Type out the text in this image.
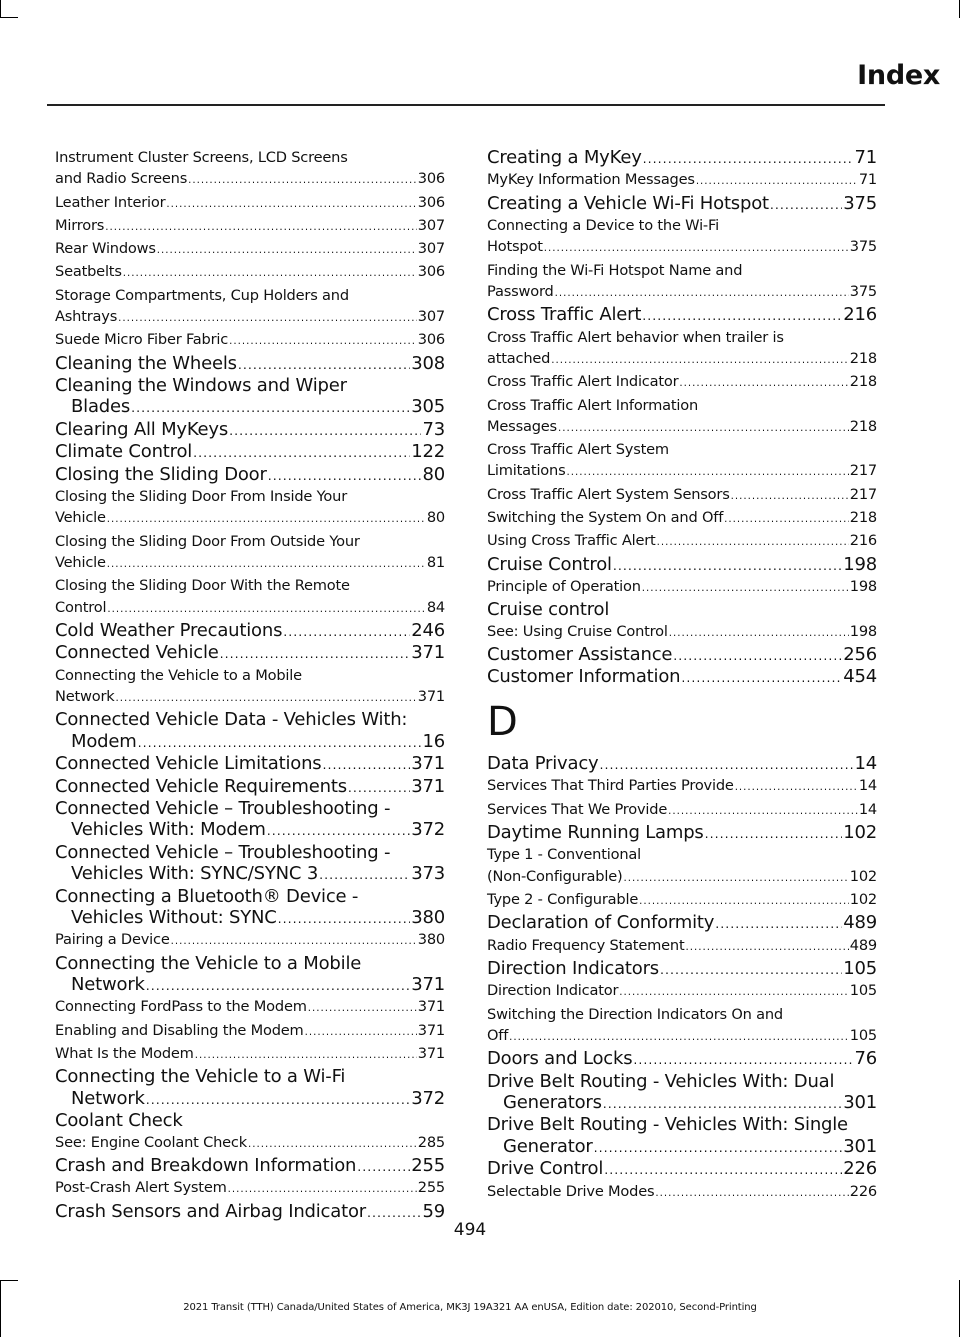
Index
Instrument Cluster Screens, LCD Screens
and Radio Screens .....	306
Leather Interior .....	306
Mirrors .....	307
Rear Windows .....	307
Seatbelts .....	306
Storage Compartments, Cup Holders and
Ashtrays .....	307
Suede Micro Fiber Fabric .....	306
Cleaning the Wheels .....	308
Cleaning the Windows and Wiper
Blades .....	305
Clearing All MyKeys .....	73
Climate Control .....	122
Closing the Sliding Door .....	80
Closing the Sliding Door From Inside Your
Vehicle .....	80
Closing the Sliding Door From Outside Your
Vehicle .....	81
Closing the Sliding Door With the Remote
Control .....	84
Cold Weather Precautions .....	246
Connected Vehicle .....	371
Connecting the Vehicle to a Mobile
Network .....	371
Connected Vehicle Data - Vehicles With:
Modem .....	16
Connected Vehicle Limitations .....	371
Connected Vehicle Requirements .....	371
Connected Vehicle – Troubleshooting -
Vehicles With: Modem .....	372
Connected Vehicle – Troubleshooting -
Vehicles With: SYNC/SYNC 3 .....	373
Connecting a Bluetooth® Device -
Vehicles Without: SYNC .....	380
Pairing a Device .....	380
Connecting the Vehicle to a Mobile
Network .....	371
Connecting FordPass to the Modem .....	371
Enabling and Disabling the Modem .....	371
What Is the Modem .....	371
Connecting the Vehicle to a Wi-Fi
Network .....	372
Coolant Check
See: Engine Coolant Check .....	285
Crash and Breakdown Information .....	255
Post-Crash Alert System .....	255
Crash Sensors and Airbag Indicator .....	59
Creating a MyKey .....	71
MyKey Information Messages .....	71
Creating a Vehicle Wi-Fi Hotspot .....	375
Connecting a Device to the Wi-Fi
Hotspot .....	375
Finding the Wi-Fi Hotspot Name and
Password .....	375
Cross Traffic Alert .....	216
Cross Traffic Alert behavior when trailer is
attached .....	218
Cross Traffic Alert Indicator .....	218
Cross Traffic Alert Information
Messages .....	218
Cross Traffic Alert System
Limitations .....	217
Cross Traffic Alert System Sensors .....	217
Switching the System On and Off .....	218
Using Cross Traffic Alert .....	216
Cruise Control .....	198
Principle of Operation .....	198
Cruise control
See: Using Cruise Control .....	198
Customer Assistance .....	256
Customer Information .....	454
D
Data Privacy .....	14
Services That Third Parties Provide .....	14
Services That We Provide .....	14
Daytime Running Lamps .....	102
Type 1 - Conventional
(Non-Configurable) .....	102
Type 2 - Configurable .....	102
Declaration of Conformity .....	489
Radio Frequency Statement .....	489
Direction Indicators .....	105
Direction Indicator .....	105
Switching the Direction Indicators On and
Off .....	105
Doors and Locks .....	76
Drive Belt Routing - Vehicles With: Dual
Generators .....	301
Drive Belt Routing - Vehicles With: Single
Generator .....	301
Drive Control .....	226
Selectable Drive Modes .....	226
494
2021 Transit (TTH) Canada/United States of America, MK3J 19A321 AA enUSA, Edition date: 202010, Second-Printing
